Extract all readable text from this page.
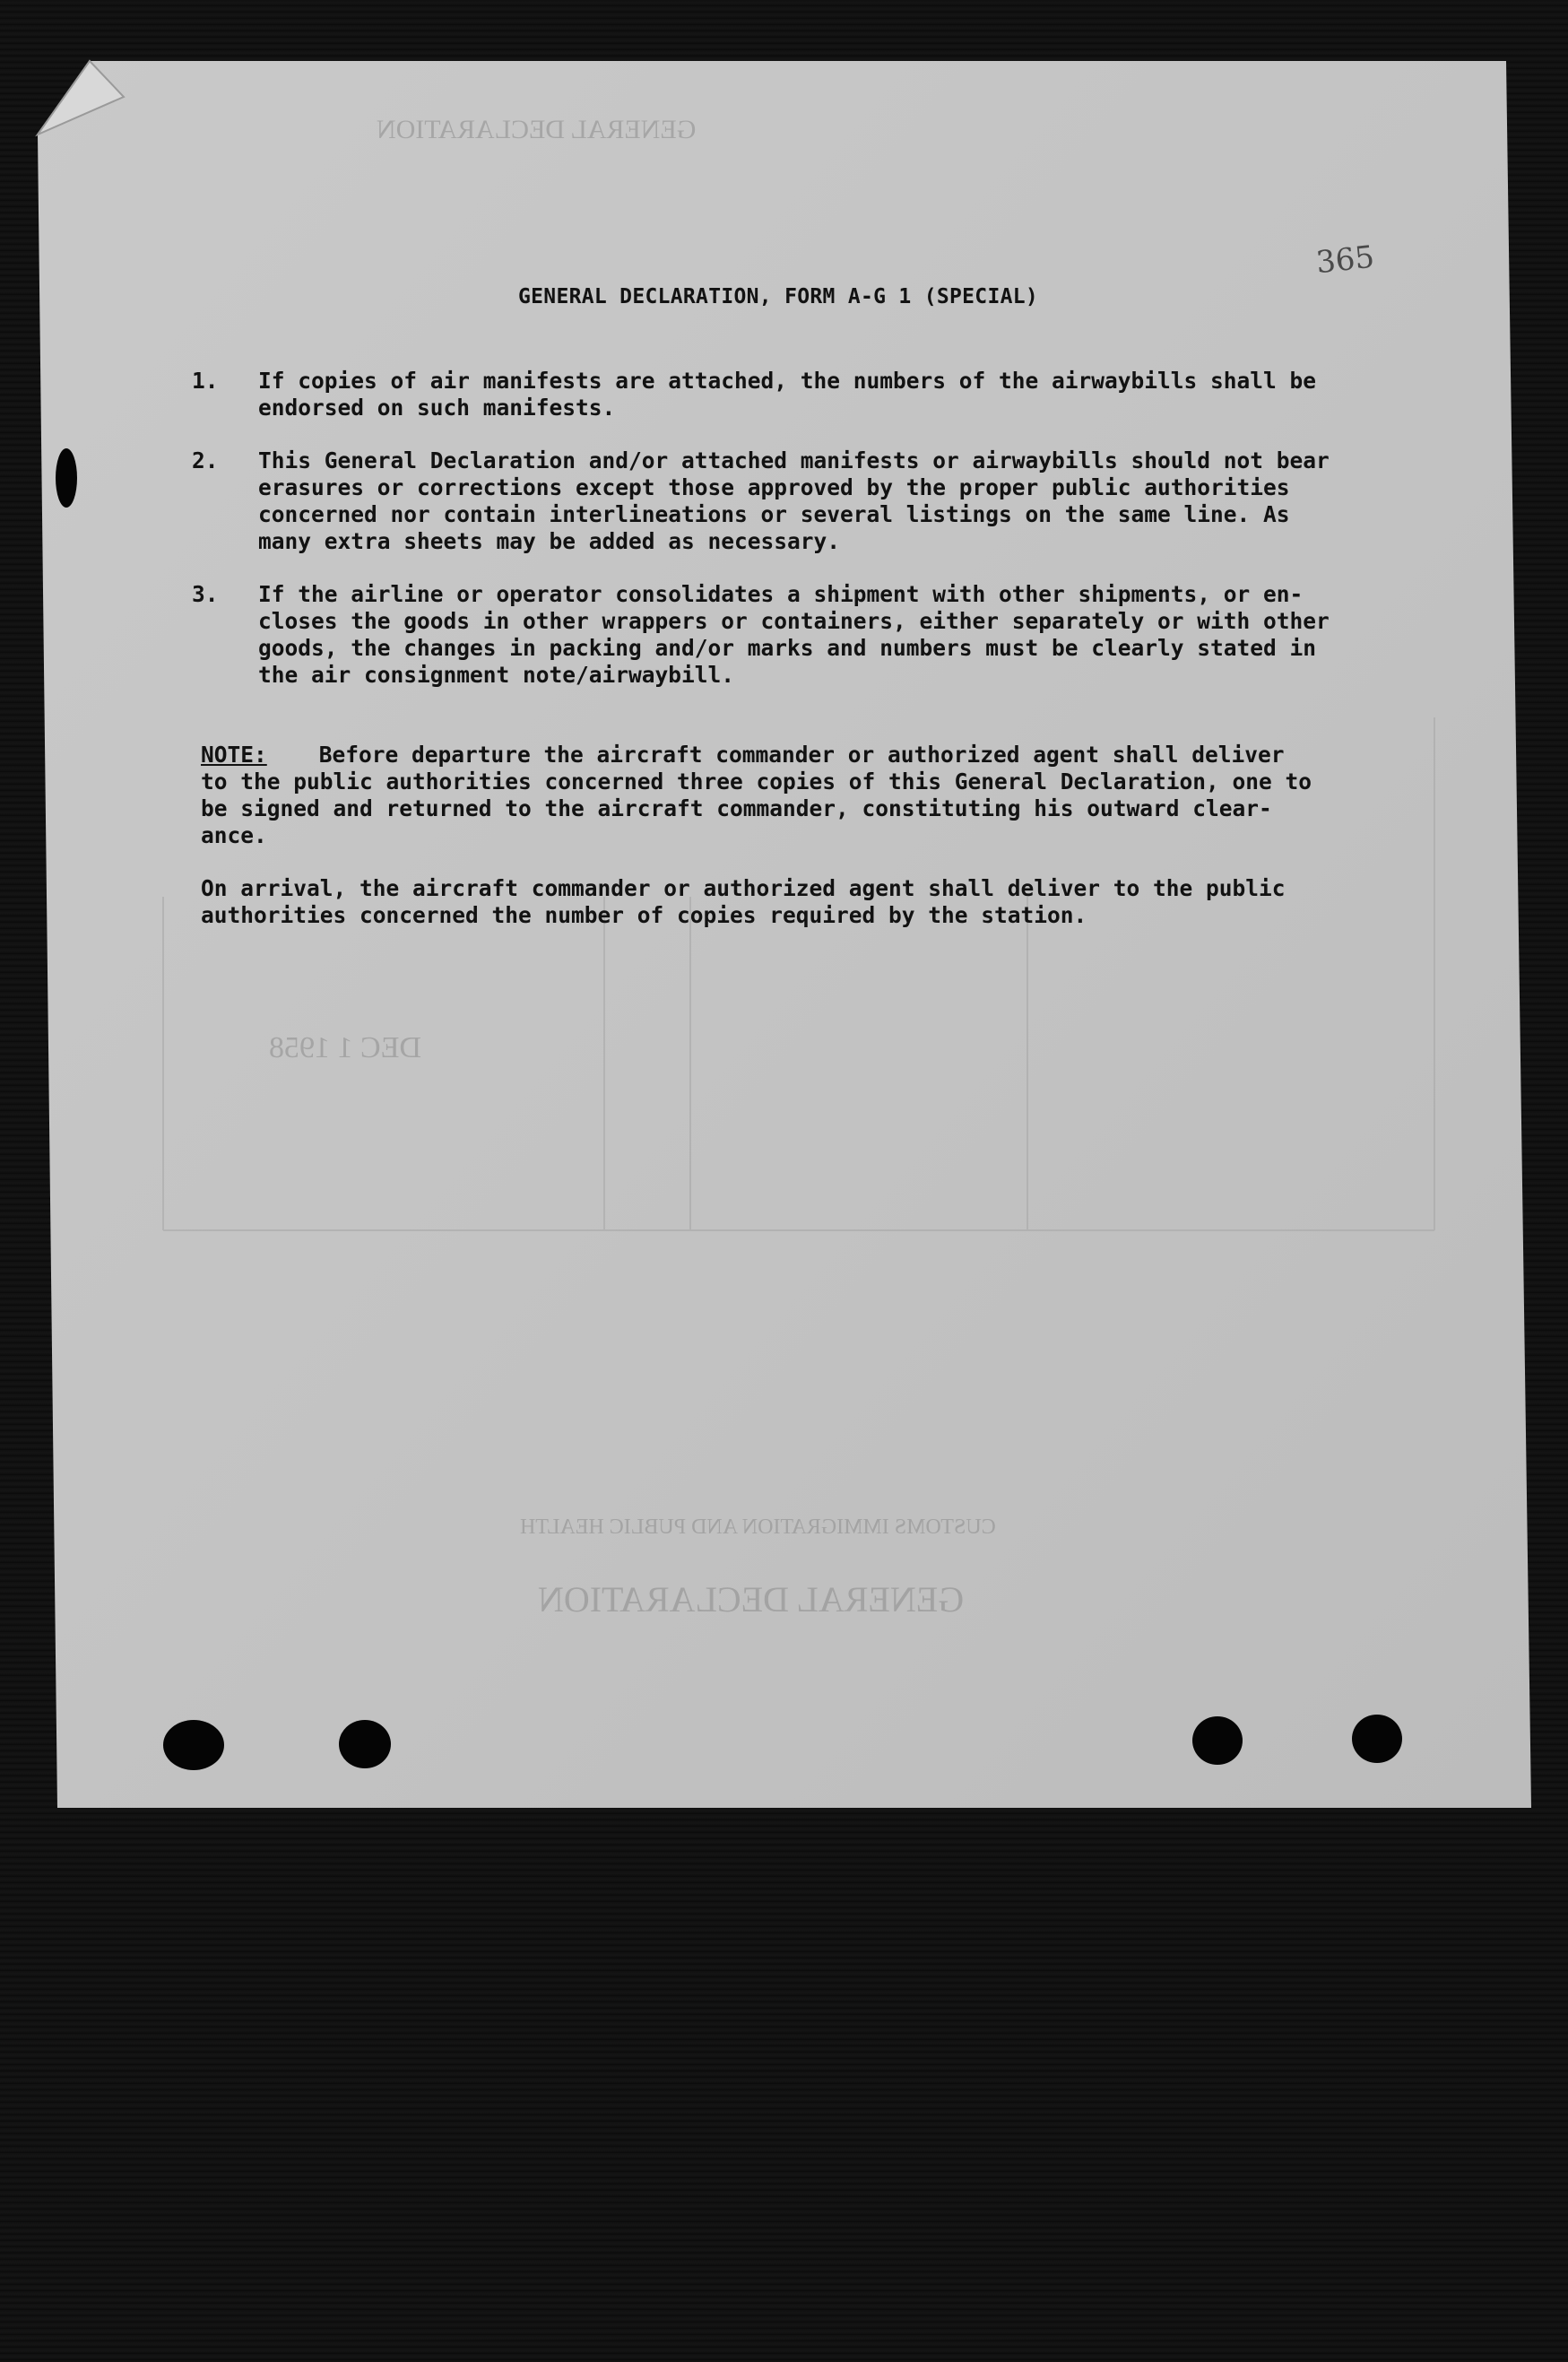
GENERAL DECLARATION
GENERAL DECLARATION
CUSTOMS IMMIGRATION AND PUBLIC HEALTH
DEC 1 1958
365
GENERAL DECLARATION, FORM A-G 1 (SPECIAL)
1. If copies of air manifests are attached, the numbers of the airwaybills shall be
endorsed on such manifests.
2. This General Declaration and/or attached manifests or airwaybills should not bear
erasures or corrections except those approved by the proper public authorities
concerned nor contain interlineations or several listings on the same line. As
many extra sheets may be added as necessary.
3. If the airline or operator consolidates a shipment with other shipments, or en-
closes the goods in other wrappers or containers, either separately or with other
goods, the changes in packing and/or marks and numbers must be clearly stated in
the air consignment note/airwaybill.
NOTE: Before departure the aircraft commander or authorized agent shall deliver
to the public authorities concerned three copies of this General Declaration, one to
be signed and returned to the aircraft commander, constituting his outward clear-
ance.
On arrival, the aircraft commander or authorized agent shall deliver to the public
authorities concerned the number of copies required by the station.
